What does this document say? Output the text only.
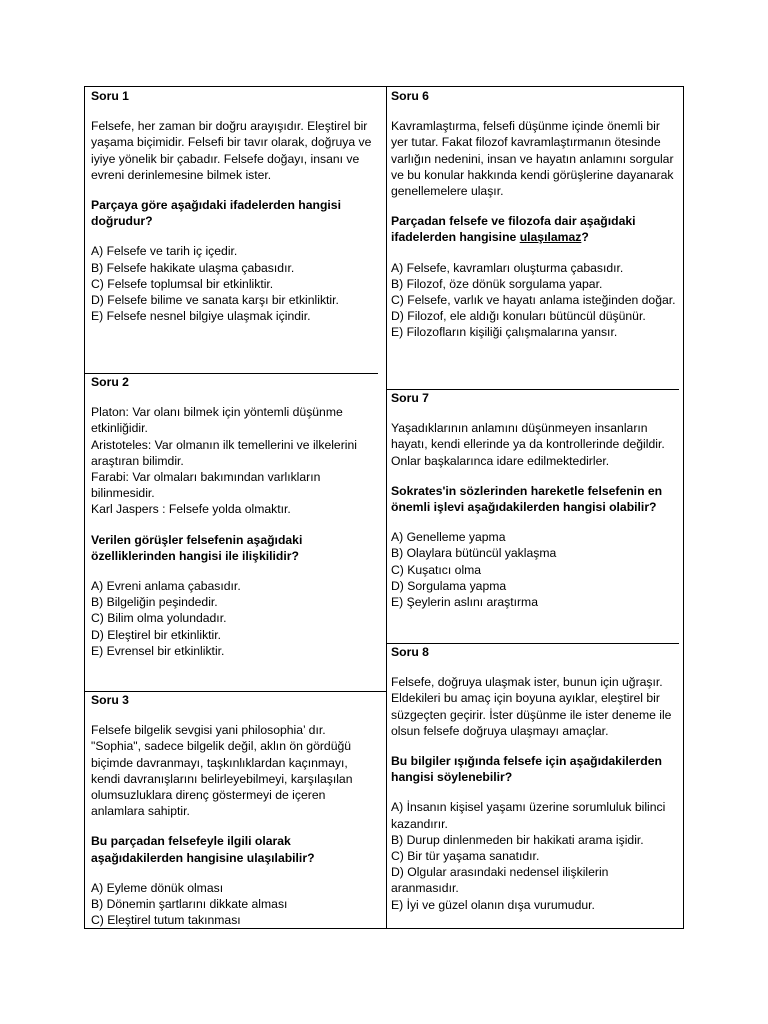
Soru 1

Felsefe, her zaman bir doğru arayışıdır. Eleştirel bir yaşama biçimidir. Felsefi bir tavır olarak, doğruya ve iyiye yönelik bir çabadır. Felsefe doğayı, insanı ve evreni derinlemesine bilmek ister.

Parçaya göre aşağıdaki ifadelerden hangisi doğrudur?
A) Felsefe ve tarih iç içedir.
B) Felsefe hakikate ulaşma çabasıdır.
C) Felsefe toplumsal bir etkinliktir.
D) Felsefe bilime ve sanata karşı bir etkinliktir.
E) Felsefe nesnel bilgiye ulaşmak içindir.
Soru 2
Platon: Var olanı bilmek için yöntemli düşünme etkinliğidir.
Aristoteles: Var olmanın ilk temellerini ve ilkelerini araştıran bilimdir.
Farabi: Var olmaları bakımından varlıkların bilinmesidir.
Karl Jaspers : Felsefe yolda olmaktır.
Verilen görüşler felsefenin aşağıdaki özelliklerinden hangisi ile ilişkilidir?
A) Evreni anlama çabasıdır.
B) Bilgeliğin peşindedir.
C) Bilim olma yolundadır.
D) Eleştirel bir etkinliktir.
E) Evrensel bir etkinliktir.
Soru 3

Felsefe bilgelik sevgisi yani philosophia’ dır. "Sophia", sadece bilgelik değil, aklın ön gördüğü biçimde davranmayı, taşkınlıklardan kaçınmayı, kendi davranışlarını belirleyebilmeyi, karşılaşılan olumsuzluklara direnç göstermeyi de içeren anlamlara sahiptir.

Bu parçadan felsefeyle ilgili olarak aşağıdakilerden hangisine ulaşılabilir?
A) Eyleme dönük olması
B) Dönemin şartlarını dikkate alması
C) Eleştirel tutum takınması
Soru 6

Kavramlaştırma, felsefi düşünme içinde önemli bir yer tutar. Fakat filozof kavramlaştırmanın ötesinde varlığın nedenini, insan ve hayatın anlamını sorgular ve bu konular hakkında kendi görüşlerine dayanarak genellemelere ulaşır.

Parçadan felsefe ve filozofa dair aşağıdaki ifadelerden hangisine ulaşılamaz?
A) Felsefe, kavramları oluşturma çabasıdır.
B) Filozof, öze dönük sorgulama yapar.
C) Felsefe, varlık ve hayatı anlama isteğinden doğar.
D) Filozof, ele aldığı konuları bütüncül düşünür.
E) Filozofların kişiliği çalışmalarına yansır.
Soru 7

Yaşadıklarının anlamını düşünmeyen insanların hayatı, kendi ellerinde ya da kontrollerinde değildir. Onlar başkalarınca idare edilmektedirler.

Sokrates'in sözlerinden hareketle felsefenin en önemli işlevi aşağıdakilerden hangisi olabilir?
A) Genelleme yapma
B) Olaylara bütüncül yaklaşma
C) Kuşatıcı olma
D) Sorgulama yapma
E) Şeylerin aslını araştırma
Soru 8

Felsefe, doğruya ulaşmak ister, bunun için uğraşır. Eldekileri bu amaç için boyuna ayıklar, eleştirel bir süzgeçten geçirir. İster düşünme ile ister deneme ile olsun felsefe doğruya ulaşmayı amaçlar.

Bu bilgiler ışığında felsefe için aşağıdakilerden hangisi söylenebilir?
A) İnsanın kişisel yaşamı üzerine sorumluluk bilinci kazandırır.
B) Durup dinlenmeden bir hakikati arama işidir.
C) Bir tür yaşama sanatıdır.
D) Olgular arasındaki nedensel ilişkilerin aranmasıdır.
E) İyi ve güzel olanın dışa vurumudur.
